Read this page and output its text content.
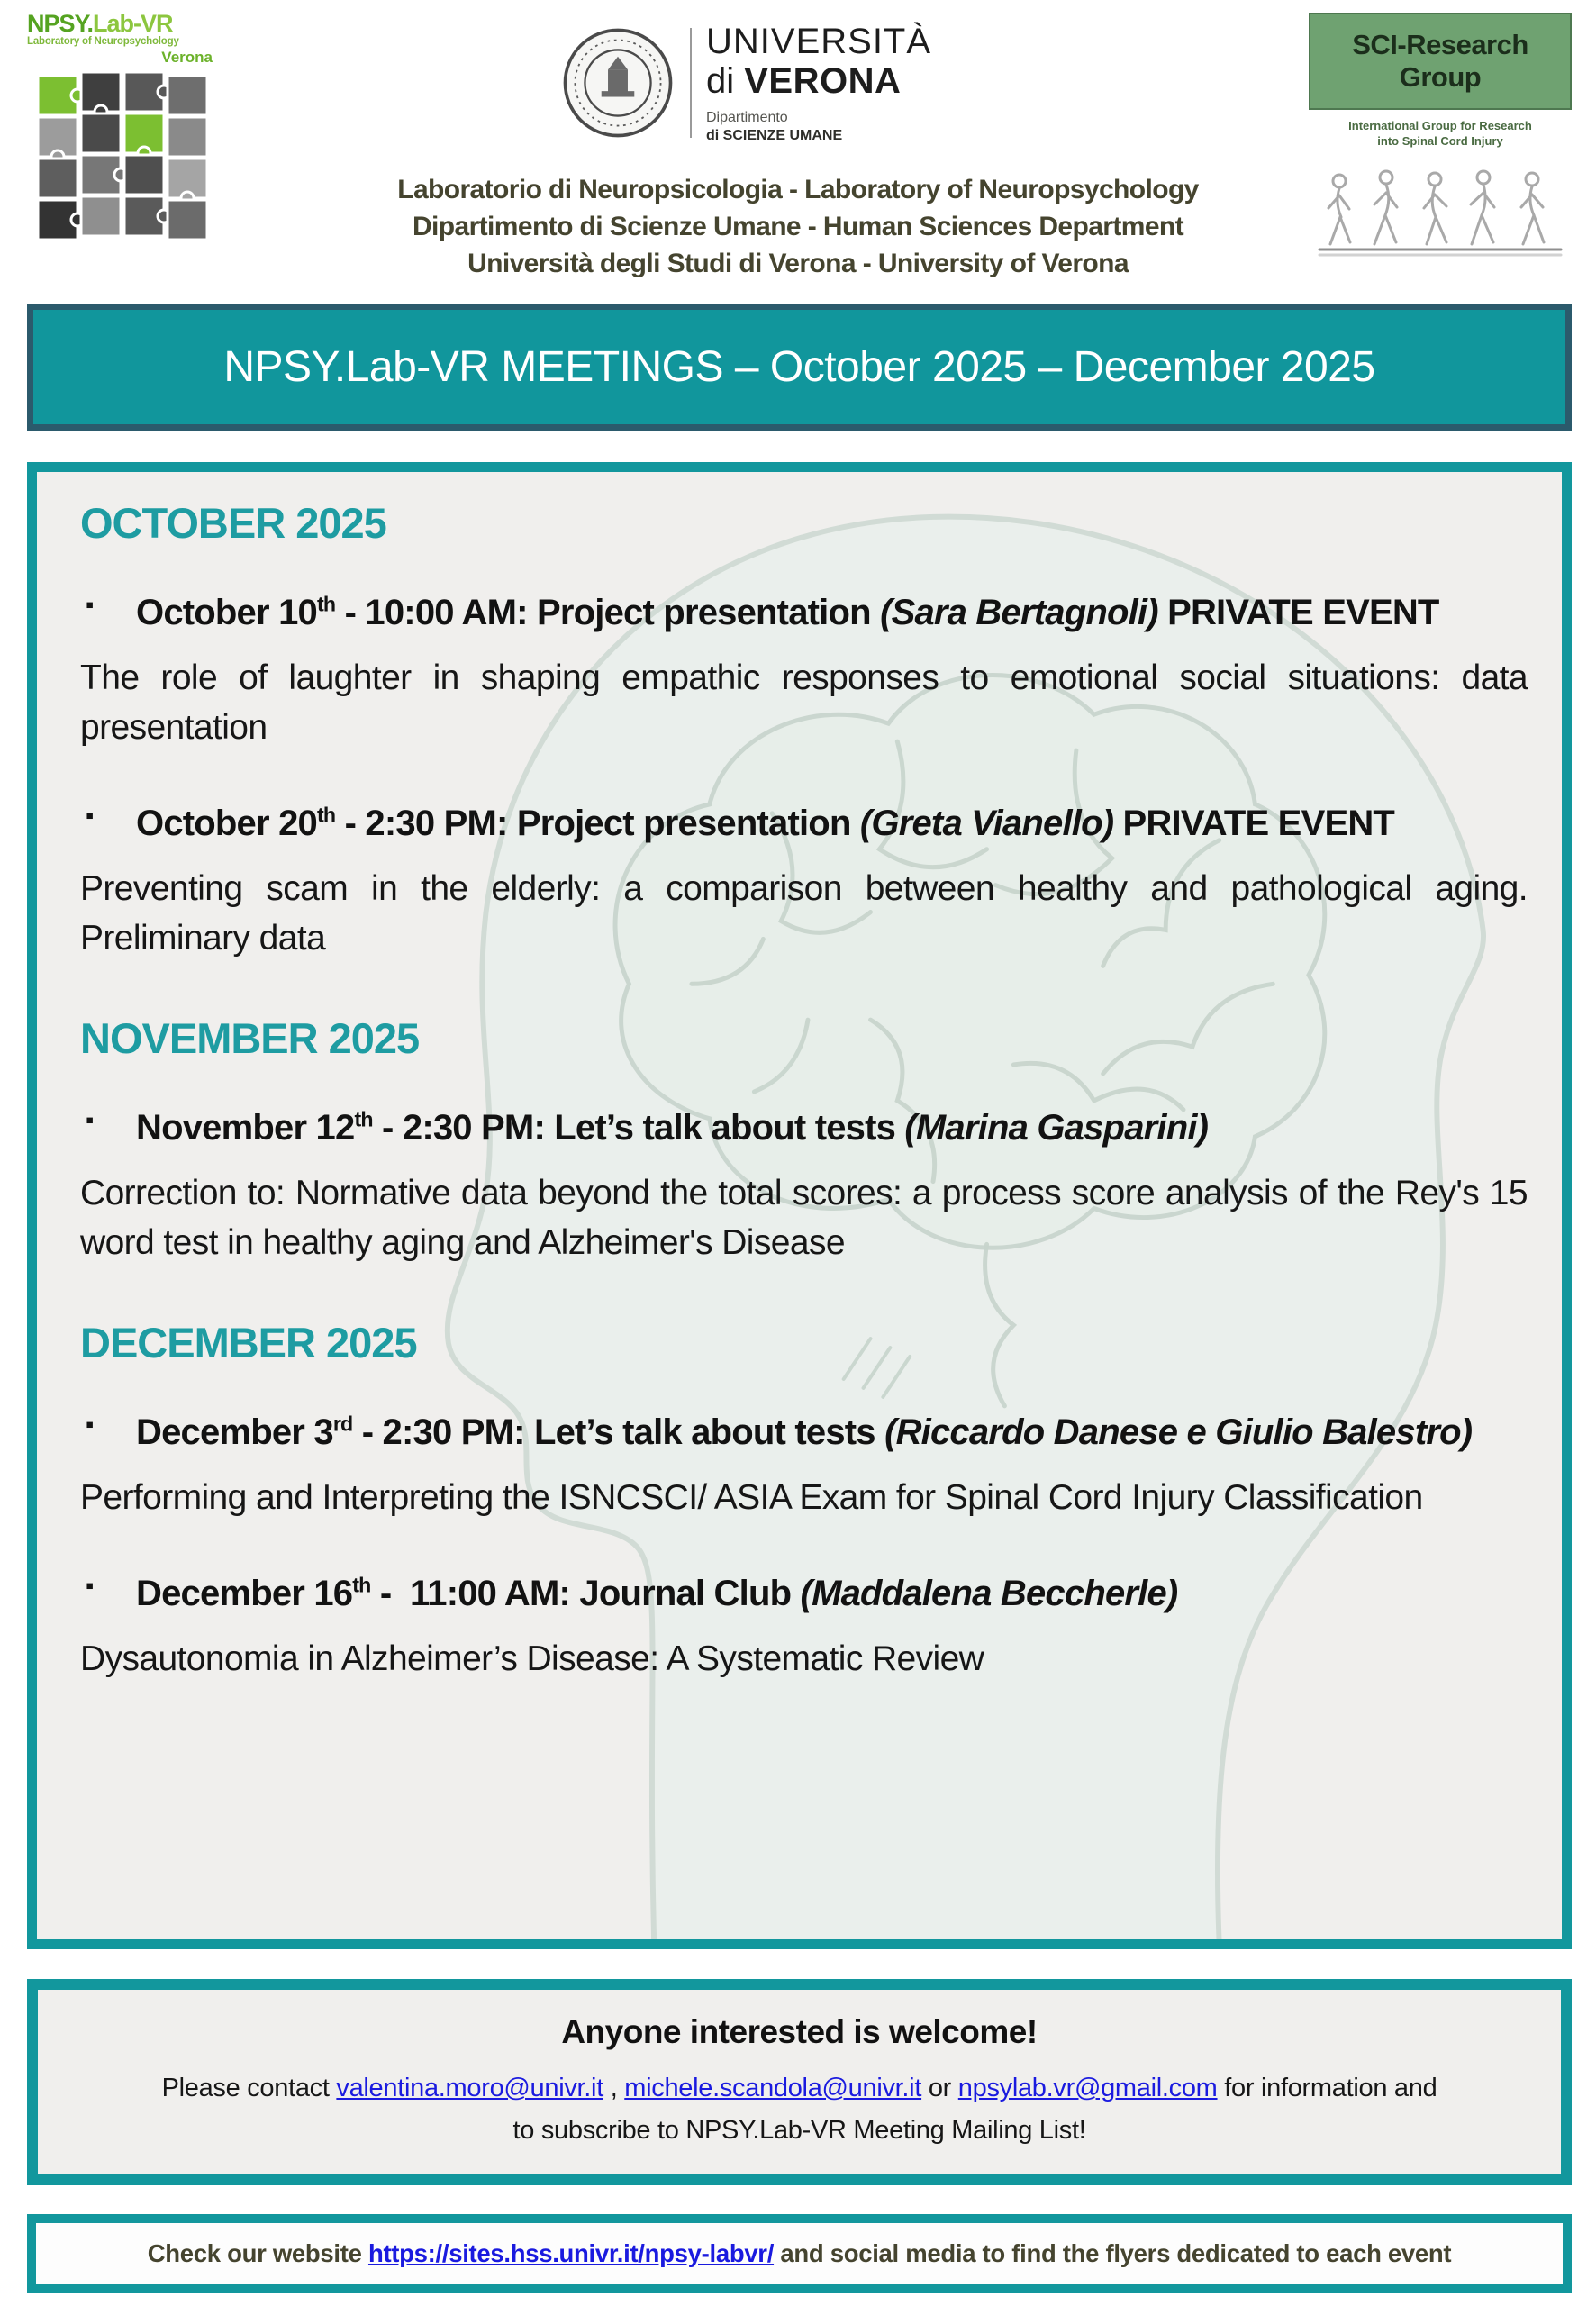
NPSY.Lab-VR
Laboratory of Neuropsychology
Verona	UNIVERSITÀ
di VERONA
Dipartimento
di SCIENZE UMANE
SCI-Research Group
International Group for Research
into Spinal Cord Injury
Laboratorio di Neuropsicologia - Laboratory of Neuropsychology
Dipartimento di Scienze Umane - Human Sciences Department
Università degli Studi di Verona - University of Verona
NPSY.Lab-VR MEETINGS – October 2025 – December 2025
OCTOBER 2025
▪ October 10th - 10:00 AM: Project presentation (Sara Bertagnoli) PRIVATE EVENT

The role of laughter in shaping empathic responses to emotional social situations: data presentation

▪ October 20th - 2:30 PM: Project presentation (Greta Vianello) PRIVATE EVENT

Preventing scam in the elderly: a comparison between healthy and pathological aging. Preliminary data

NOVEMBER 2025
▪ November 12th - 2:30 PM: Let’s talk about tests (Marina Gasparini)

Correction to: Normative data beyond the total scores: a process score analysis of the Rey's 15 word test in healthy aging and Alzheimer's Disease

DECEMBER 2025
▪ December 3rd - 2:30 PM: Let’s talk about tests (Riccardo Danese e Giulio Balestro)

Performing and Interpreting the ISNCSCI/ ASIA Exam for Spinal Cord Injury Classification

▪ December 16th -  11:00 AM: Journal Club (Maddalena Beccherle)

Dysautonomia in Alzheimer’s Disease: A Systematic Review

Anyone interested is welcome!
Please contact valentina.moro@univr.it , michele.scandola@univr.it or npsylab.vr@gmail.com for information and
to subscribe to NPSY.Lab-VR Meeting Mailing List!
Check our website https://sites.hss.univr.it/npsy-labvr/ and social media to find the flyers dedicated to each event
